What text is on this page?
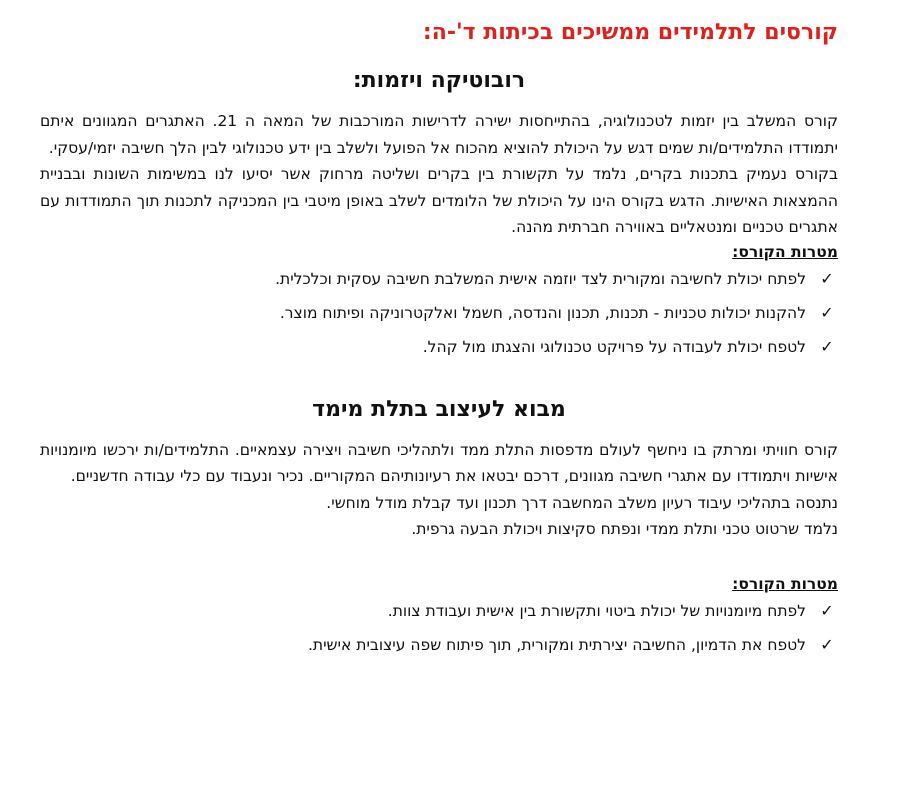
קורסים לתלמידים ממשיכים בכיתות ד'-ה:
רובוטיקה ויזמות:

קורס המשלב בין יזמות לטכנולוגיה, בהתייחסות ישירה לדרישות המורכבות של המאה ה 21. האתגרים המגוונים איתם יתמודדו התלמידים/ות שמים דגש על היכולת להוציא מהכוח אל הפועל ולשלב בין ידע טכנולוגי לבין הלך חשיבה יזמי/עסקי.

בקורס נעמיק בתכנות בקרים, נלמד על תקשורת בין בקרים ושליטה מרחוק אשר יסיעו לנו במשימות השונות ובבניית ההמצאות האישיות. הדגש בקורס הינו על היכולת של הלומדים לשלב באופן מיטבי בין המכניקה לתכנות תוך התמודדות עם אתגרים טכניים ומנטאליים באווירה חברתית מהנה.

מטרות הקורס:
✓
לפתח יכולת לחשיבה ומקורית לצד יוזמה אישית המשלבת חשיבה עסקית וכלכלית.
✓
להקנות יכולות טכניות - תכנות, תכנון והנדסה, חשמל ואלקטרוניקה ופיתוח מוצר.
✓
לטפח יכולת לעבודה על פרויקט טכנולוגי והצגתו מול קהל.
מבוא לעיצוב בתלת מימד

קורס חוויתי ומרתק בו ניחשף לעולם מדפסות התלת ממד ולתהליכי חשיבה ויצירה עצמאיים. התלמידים/ות ירכשו מיומנויות אישיות ויתמודדו עם אתגרי חשיבה מגוונים, דרכם יבטאו את רעיונותיהם המקוריים. נכיר ונעבוד עם כלי עבודה חדשניים.

נתנסה בתהליכי עיבוד רעיון משלב המחשבה דרך תכנון ועד קבלת מודל מוחשי.

נלמד שרטוט טכני ותלת ממדי ונפתח סקיצות ויכולת הבעה גרפית.

מטרות הקורס:
✓
לפתח מיומנויות של יכולת ביטוי ותקשורת בין אישית ועבודת צוות.
✓
לטפח את הדמיון, החשיבה יצירתית ומקורית, תוך פיתוח שפה עיצובית אישית.
